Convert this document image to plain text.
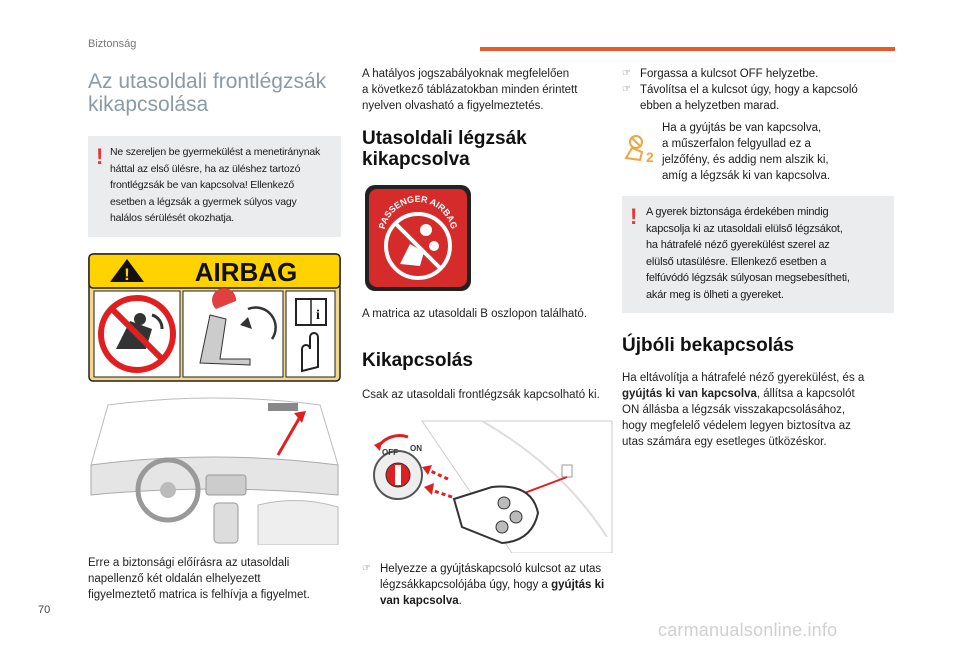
Biztonság
Az utasoldali frontlégzsák
kikapcsolása
! Ne szereljen be gyermekülést a menetiránynak
háttal az első ülésre, ha az üléshez tartozó
frontlégzsák be van kapcsolva! Ellenkező
esetben a légzsák a gyermek súlyos vagy
halálos sérülését okozhatja.
! AIRBAG
i
Erre a biztonsági előírásra az utasoldali
napellenző két oldalán elhelyezett
figyelmeztető matrica is felhívja a figyelmet.
A hatályos jogszabályoknak megfelelően
a következő táblázatokban minden érintett
nyelven olvasható a figyelmeztetés.
Utasoldali légzsák
kikapcsolva
PASSENGER AIRBAG
A matrica az utasoldali B oszlopon található.
Kikapcsolás
Csak az utasoldali frontlégzsák kapcsolható ki.
OFF ON
☞ Helyezze a gyújtáskapcsoló kulcsot az utas
légzsákkapcsolójába úgy, hogy a gyújtás ki
van kapcsolva.
☞ Forgassa a kulcsot OFF helyzetbe.
☞ Távolítsa el a kulcsot úgy, hogy a kapcsoló
ebben a helyzetben marad.
2
Ha a gyújtás be van kapcsolva,
a műszerfalon felgyullad ez a
jelzőfény, és addig nem alszik ki,
amíg a légzsák ki van kapcsolva.
! A gyerek biztonsága érdekében mindig
kapcsolja ki az utasoldali elülső légzsákot,
ha hátrafelé néző gyerekülést szerel az
elülső utasülésre. Ellenkező esetben a
felfúvódó légzsák súlyosan megsebesítheti,
akár meg is ölheti a gyereket.
Újbóli bekapcsolás
Ha eltávolítja a hátrafelé néző gyerekülést, és a
gyújtás ki van kapcsolva, állítsa a kapcsolót
ON állásba a légzsák visszakapcsolásához,
hogy megfelelő védelem legyen biztosítva az
utas számára egy esetleges ütközéskor.
70
carmanualsonline.info
